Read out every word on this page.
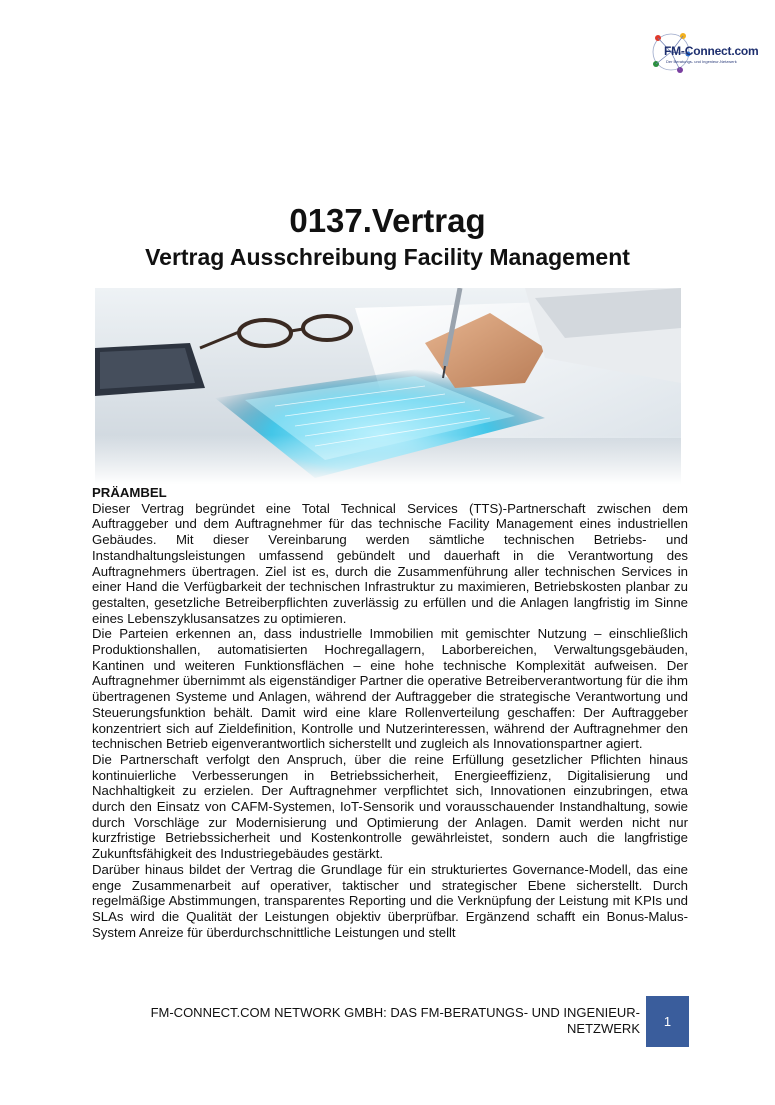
FM-Connect.com
Der Beratungs- und Ingenieur-Netzwerk
0137.Vertrag
Vertrag Ausschreibung Facility Management

PRÄAMBEL

Dieser Vertrag begründet eine Total Technical Services (TTS)-Partnerschaft zwischen dem Auftraggeber und dem Auftragnehmer für das technische Facility Management eines industriellen Gebäudes. Mit dieser Vereinbarung werden sämtliche technischen Betriebs- und Instandhaltungsleistungen umfassend gebündelt und dauerhaft in die Verantwortung des Auftragnehmers übertragen. Ziel ist es, durch die Zusammenführung aller technischen Services in einer Hand die Verfügbarkeit der technischen Infrastruktur zu maximieren, Betriebskosten planbar zu gestalten, gesetzliche Betreiberpflichten zuverlässig zu erfüllen und die Anlagen langfristig im Sinne eines Lebenszyklusansatzes zu optimieren.

Die Parteien erkennen an, dass industrielle Immobilien mit gemischter Nutzung – einschließlich Produktionshallen, automatisierten Hochregallagern, Laborbereichen, Verwaltungsgebäuden, Kantinen und weiteren Funktionsflächen – eine hohe technische Komplexität aufweisen. Der Auftragnehmer übernimmt als eigenständiger Partner die operative Betreiberverantwortung für die ihm übertragenen Systeme und Anlagen, während der Auftraggeber die strategische Verantwortung und Steuerungsfunktion behält. Damit wird eine klare Rollenverteilung geschaffen: Der Auftraggeber konzentriert sich auf Zieldefinition, Kontrolle und Nutzerinteressen, während der Auftragnehmer den technischen Betrieb eigenverantwortlich sicherstellt und zugleich als Innovationspartner agiert.

Die Partnerschaft verfolgt den Anspruch, über die reine Erfüllung gesetzlicher Pflichten hinaus kontinuierliche Verbesserungen in Betriebssicherheit, Energieeffizienz, Digitalisierung und Nachhaltigkeit zu erzielen. Der Auftragnehmer verpflichtet sich, Innovationen einzubringen, etwa durch den Einsatz von CAFM-Systemen, IoT-Sensorik und vorausschauender Instandhaltung, sowie durch Vorschläge zur Modernisierung und Optimierung der Anlagen. Damit werden nicht nur kurzfristige Betriebssicherheit und Kostenkontrolle gewährleistet, sondern auch die langfristige Zukunftsfähigkeit des Industriegebäudes gestärkt.

Darüber hinaus bildet der Vertrag die Grundlage für ein strukturiertes Governance-Modell, das eine enge Zusammenarbeit auf operativer, taktischer und strategischer Ebene sicherstellt. Durch regelmäßige Abstimmungen, transparentes Reporting und die Verknüpfung der Leistung mit KPIs und SLAs wird die Qualität der Leistungen objektiv überprüfbar. Ergänzend schafft ein Bonus-Malus-System Anreize für überdurchschnittliche Leistungen und stellt

FM-CONNECT.COM NETWORK GMBH: DAS FM-BERATUNGS- UND INGENIEUR-
NETZWERK 1
